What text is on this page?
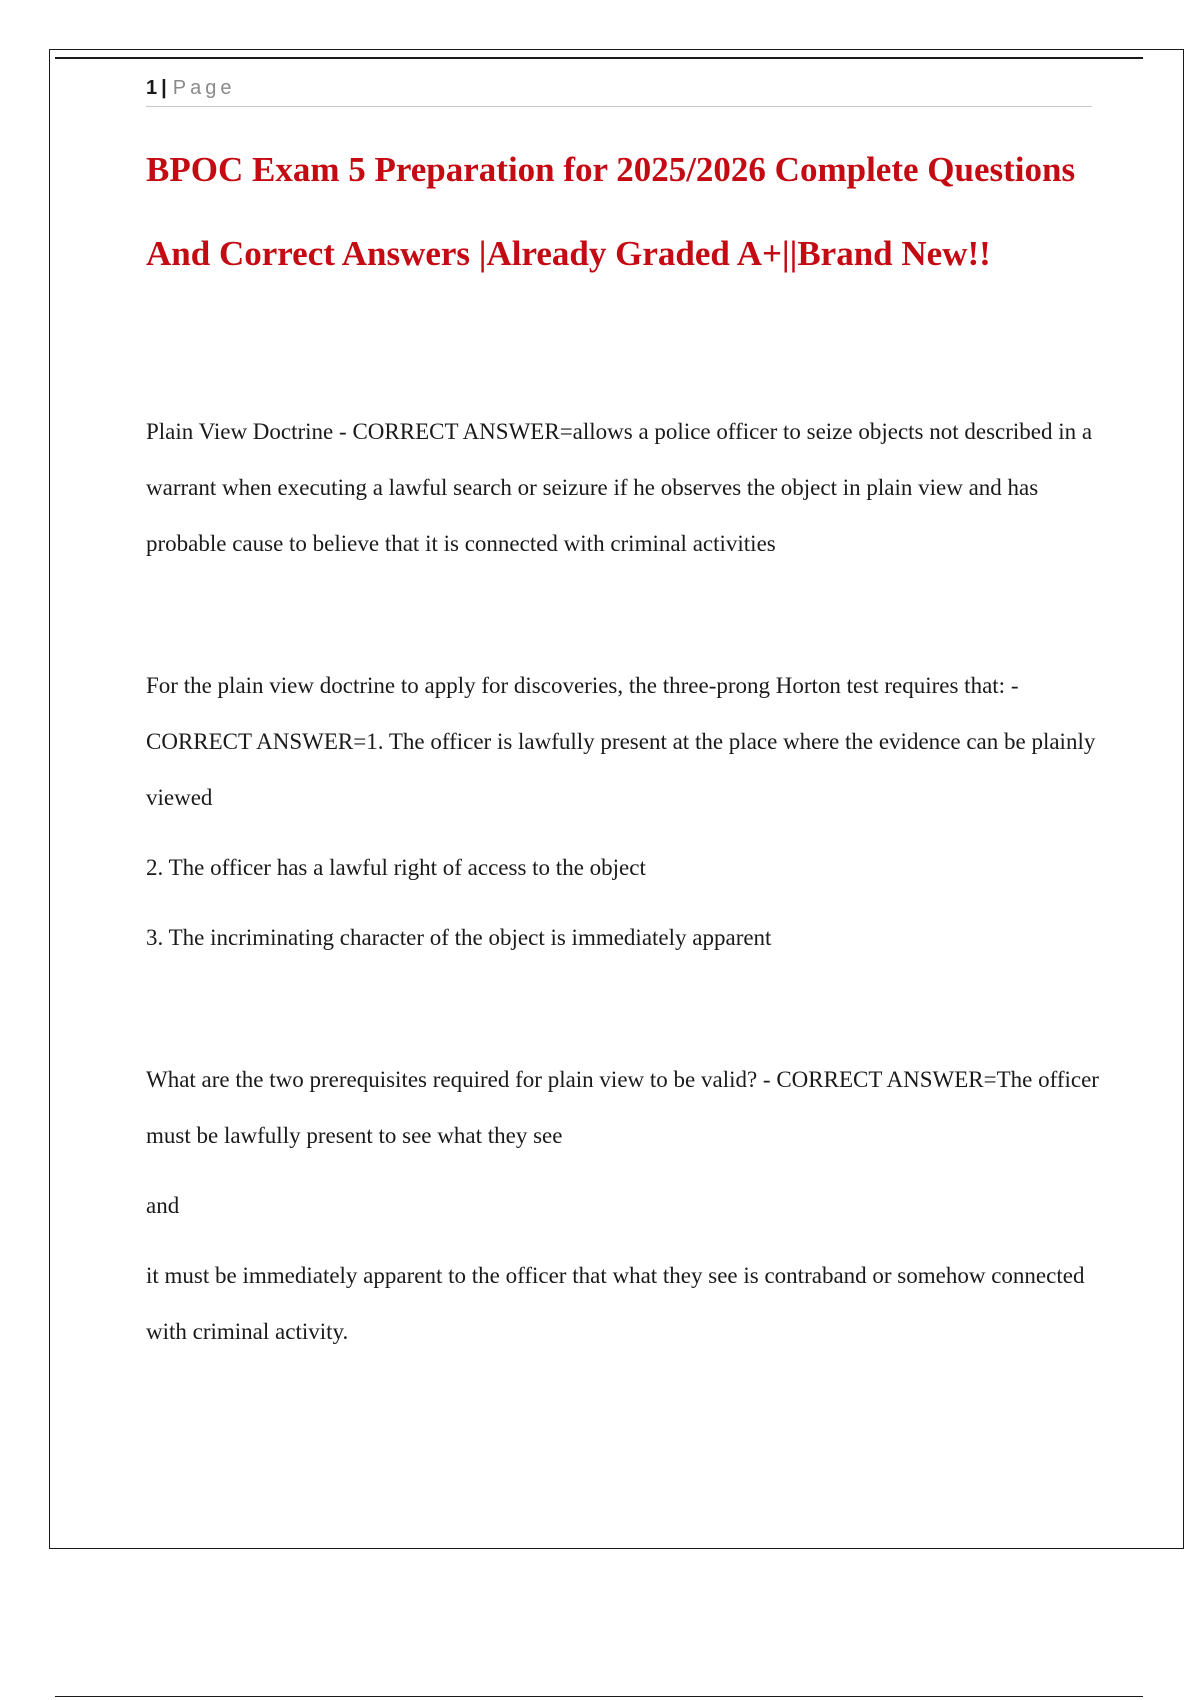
1 | Page
BPOC Exam 5 Preparation for 2025/2026 Complete Questions And Correct Answers |Already Graded A+||Brand New!!

Plain View Doctrine - CORRECT ANSWER=allows a police officer to seize objects not described in a warrant when executing a lawful search or seizure if he observes the object in plain view and has probable cause to believe that it is connected with criminal activities

For the plain view doctrine to apply for discoveries, the three-prong Horton test requires that: - CORRECT ANSWER=1. The officer is lawfully present at the place where the evidence can be plainly viewed

2. The officer has a lawful right of access to the object

3. The incriminating character of the object is immediately apparent

What are the two prerequisites required for plain view to be valid? - CORRECT ANSWER=The officer must be lawfully present to see what they see

and

it must be immediately apparent to the officer that what they see is contraband or somehow connected with criminal activity.
